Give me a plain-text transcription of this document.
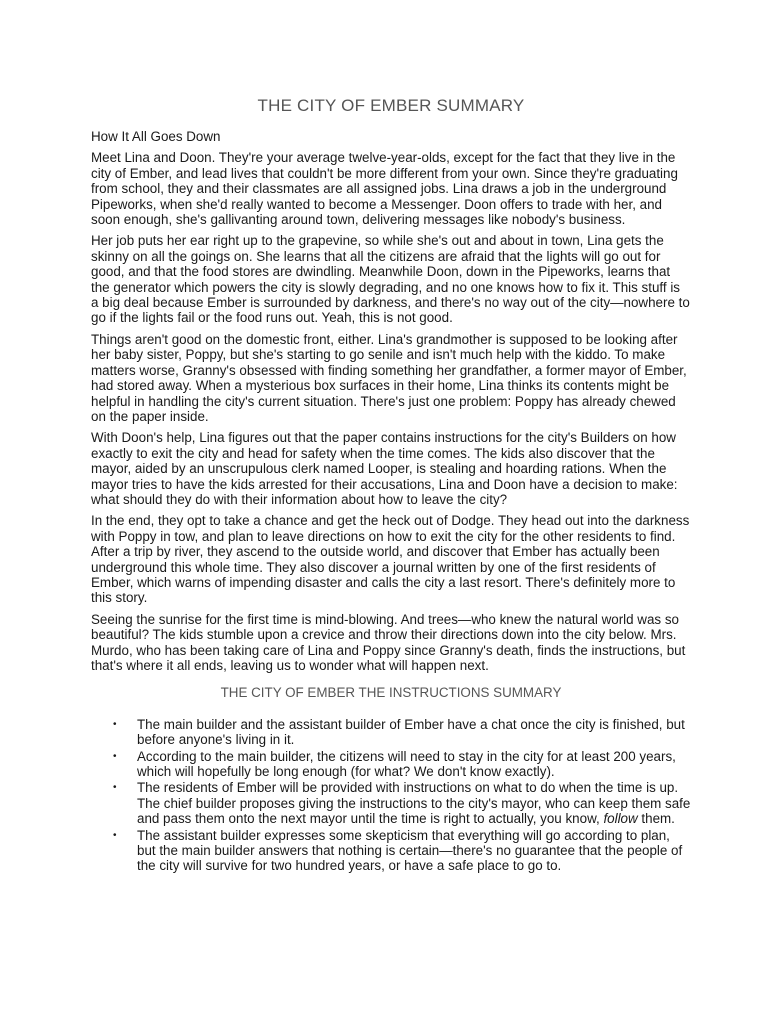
THE CITY OF EMBER SUMMARY
How It All Goes Down

Meet Lina and Doon. They're your average twelve-year-olds, except for the fact that they live in the city of Ember, and lead lives that couldn't be more different from your own. Since they're graduating from school, they and their classmates are all assigned jobs. Lina draws a job in the underground Pipeworks, when she'd really wanted to become a Messenger. Doon offers to trade with her, and soon enough, she's gallivanting around town, delivering messages like nobody's business.

Her job puts her ear right up to the grapevine, so while she's out and about in town, Lina gets the skinny on all the goings on. She learns that all the citizens are afraid that the lights will go out for good, and that the food stores are dwindling. Meanwhile Doon, down in the Pipeworks, learns that the generator which powers the city is slowly degrading, and no one knows how to fix it. This stuff is a big deal because Ember is surrounded by darkness, and there's no way out of the city—nowhere to go if the lights fail or the food runs out. Yeah, this is not good.

Things aren't good on the domestic front, either. Lina's grandmother is supposed to be looking after her baby sister, Poppy, but she's starting to go senile and isn't much help with the kiddo. To make matters worse, Granny's obsessed with finding something her grandfather, a former mayor of Ember, had stored away. When a mysterious box surfaces in their home, Lina thinks its contents might be helpful in handling the city's current situation. There's just one problem: Poppy has already chewed on the paper inside.

With Doon's help, Lina figures out that the paper contains instructions for the city's Builders on how exactly to exit the city and head for safety when the time comes. The kids also discover that the mayor, aided by an unscrupulous clerk named Looper, is stealing and hoarding rations. When the mayor tries to have the kids arrested for their accusations, Lina and Doon have a decision to make: what should they do with their information about how to leave the city?

In the end, they opt to take a chance and get the heck out of Dodge. They head out into the darkness with Poppy in tow, and plan to leave directions on how to exit the city for the other residents to find. After a trip by river, they ascend to the outside world, and discover that Ember has actually been underground this whole time. They also discover a journal written by one of the first residents of Ember, which warns of impending disaster and calls the city a last resort. There's definitely more to this story.

Seeing the sunrise for the first time is mind-blowing. And trees—who knew the natural world was so beautiful? The kids stumble upon a crevice and throw their directions down into the city below. Mrs. Murdo, who has been taking care of Lina and Poppy since Granny's death, finds the instructions, but that's where it all ends, leaving us to wonder what will happen next.

THE CITY OF EMBER THE INSTRUCTIONS SUMMARY
• The main builder and the assistant builder of Ember have a chat once the city is finished, but before anyone's living in it.
• According to the main builder, the citizens will need to stay in the city for at least 200 years, which will hopefully be long enough (for what? We don't know exactly).
• The residents of Ember will be provided with instructions on what to do when the time is up. The chief builder proposes giving the instructions to the city's mayor, who can keep them safe and pass them onto the next mayor until the time is right to actually, you know, follow them.
• The assistant builder expresses some skepticism that everything will go according to plan, but the main builder answers that nothing is certain—there's no guarantee that the people of the city will survive for two hundred years, or have a safe place to go to.
